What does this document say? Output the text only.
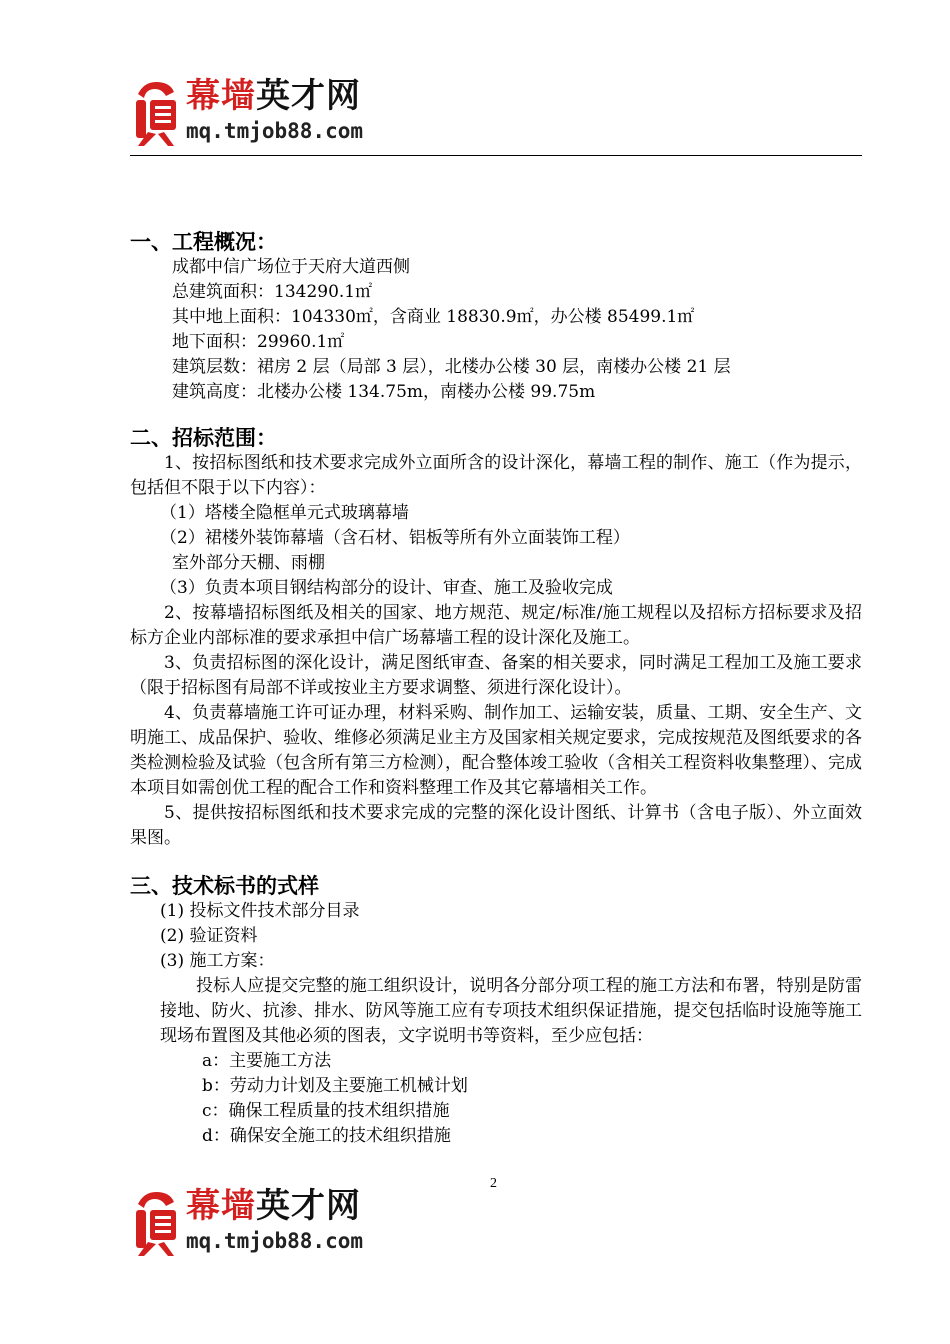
幕墙英才网
mq.tmjob88.com
一、工程概况：
成都中信广场位于天府大道西侧
总建筑面积：134290.1㎡
其中地上面积：104330㎡，含商业 18830.9㎡，办公楼 85499.1㎡
地下面积：29960.1㎡
建筑层数：裙房 2 层（局部 3 层），北楼办公楼 30 层，南楼办公楼 21 层
建筑高度：北楼办公楼 134.75m，南楼办公楼 99.75m
二、招标范围：
1、按招标图纸和技术要求完成外立面所含的设计深化，幕墙工程的制作、施工（作为提示，包括但不限于以下内容）：
（1）塔楼全隐框单元式玻璃幕墙
（2）裙楼外装饰幕墙（含石材、铝板等所有外立面装饰工程）
室外部分天棚、雨棚
（3）负责本项目钢结构部分的设计、审查、施工及验收完成
2、按幕墙招标图纸及相关的国家、地方规范、规定/标准/施工规程以及招标方招标要求及招标方企业内部标准的要求承担中信广场幕墙工程的设计深化及施工。
3、负责招标图的深化设计，满足图纸审查、备案的相关要求，同时满足工程加工及施工要求（限于招标图有局部不详或按业主方要求调整、须进行深化设计）。
4、负责幕墙施工许可证办理，材料采购、制作加工、运输安装，质量、工期、安全生产、文明施工、成品保护、验收、维修必须满足业主方及国家相关规定要求，完成按规范及图纸要求的各类检测检验及试验（包含所有第三方检测），配合整体竣工验收（含相关工程资料收集整理）、完成本项目如需创优工程的配合工作和资料整理工作及其它幕墙相关工作。
5、提供按招标图纸和技术要求完成的完整的深化设计图纸、计算书（含电子版）、外立面效果图。
三、技术标书的式样
(1) 投标文件技术部分目录
(2) 验证资料
(3) 施工方案：
投标人应提交完整的施工组织设计，说明各分部分项工程的施工方法和布署，特别是防雷接地、防火、抗渗、排水、防风等施工应有专项技术组织保证措施，提交包括临时设施等施工现场布置图及其他必须的图表，文字说明书等资料，至少应包括：
a：主要施工方法
b：劳动力计划及主要施工机械计划
c：确保工程质量的技术组织措施
d：确保安全施工的技术组织措施
2
幕墙英才网
mq.tmjob88.com
